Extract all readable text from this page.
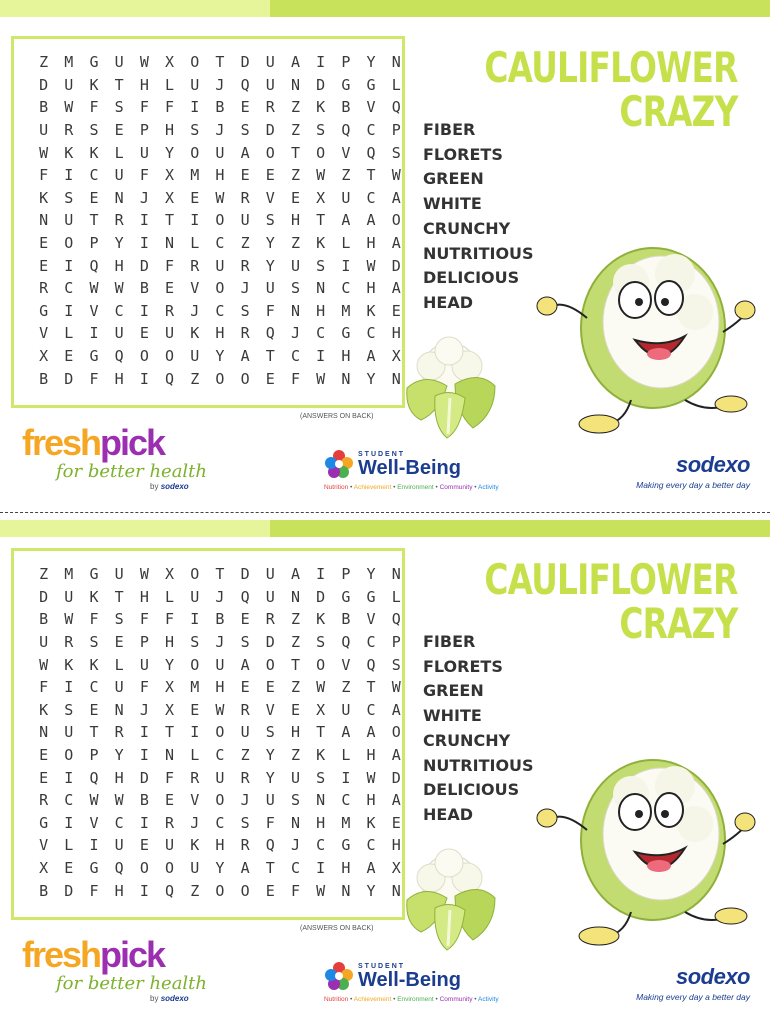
Z	M	G	U	W	X	O	T	D	U	A	I	P	Y	N
D	U	K	T	H	L	U	J	Q	U	N	D	G	G	L
B	W	F	S	F	F	I	B	E	R	Z	K	B	V	Q
U	R	S	E	P	H	S	J	S	D	Z	S	Q	C	P
W	K	K	L	U	Y	O	U	A	O	T	O	V	Q	S
F	I	C	U	F	X	M	H	E	E	Z	W	Z	T	W
K	S	E	N	J	X	E	W	R	V	E	X	U	C	A
N	U	T	R	I	T	I	O	U	S	H	T	A	A	O
E	O	P	Y	I	N	L	C	Z	Y	Z	K	L	H	A
E	I	Q	H	D	F	R	U	R	Y	U	S	I	W	D
R	C	W	W	B	E	V	O	J	U	S	N	C	H	A
G	I	V	C	I	R	J	C	S	F	N	H	M	K	E
V	L	I	U	E	U	K	H	R	Q	J	C	G	C	H
X	E	G	Q	O	O	U	Y	A	T	C	I	H	A	X
B	D	F	H	I	Q	Z	O	O	E	F	W	N	Y	N
(ANSWERS ON BACK)
CAULIFLOWER
CRAZY
FIBER
FLORETS
GREEN
WHITE
CRUNCHY
NUTRITIOUS
DELICIOUS
HEAD
freshpick
for better health
by sodexo
STUDENT
Well-Being
Nutrition • Achievement • Environment • Community • Activity
sodexo
Making every day a better day
Z	M	G	U	W	X	O	T	D	U	A	I	P	Y	N
D	U	K	T	H	L	U	J	Q	U	N	D	G	G	L
B	W	F	S	F	F	I	B	E	R	Z	K	B	V	Q
U	R	S	E	P	H	S	J	S	D	Z	S	Q	C	P
W	K	K	L	U	Y	O	U	A	O	T	O	V	Q	S
F	I	C	U	F	X	M	H	E	E	Z	W	Z	T	W
K	S	E	N	J	X	E	W	R	V	E	X	U	C	A
N	U	T	R	I	T	I	O	U	S	H	T	A	A	O
E	O	P	Y	I	N	L	C	Z	Y	Z	K	L	H	A
E	I	Q	H	D	F	R	U	R	Y	U	S	I	W	D
R	C	W	W	B	E	V	O	J	U	S	N	C	H	A
G	I	V	C	I	R	J	C	S	F	N	H	M	K	E
V	L	I	U	E	U	K	H	R	Q	J	C	G	C	H
X	E	G	Q	O	O	U	Y	A	T	C	I	H	A	X
B	D	F	H	I	Q	Z	O	O	E	F	W	N	Y	N
(ANSWERS ON BACK)
CAULIFLOWER
CRAZY
FIBER
FLORETS
GREEN
WHITE
CRUNCHY
NUTRITIOUS
DELICIOUS
HEAD
freshpick
for better health
by sodexo
STUDENT
Well-Being
Nutrition • Achievement • Environment • Community • Activity
sodexo
Making every day a better day
